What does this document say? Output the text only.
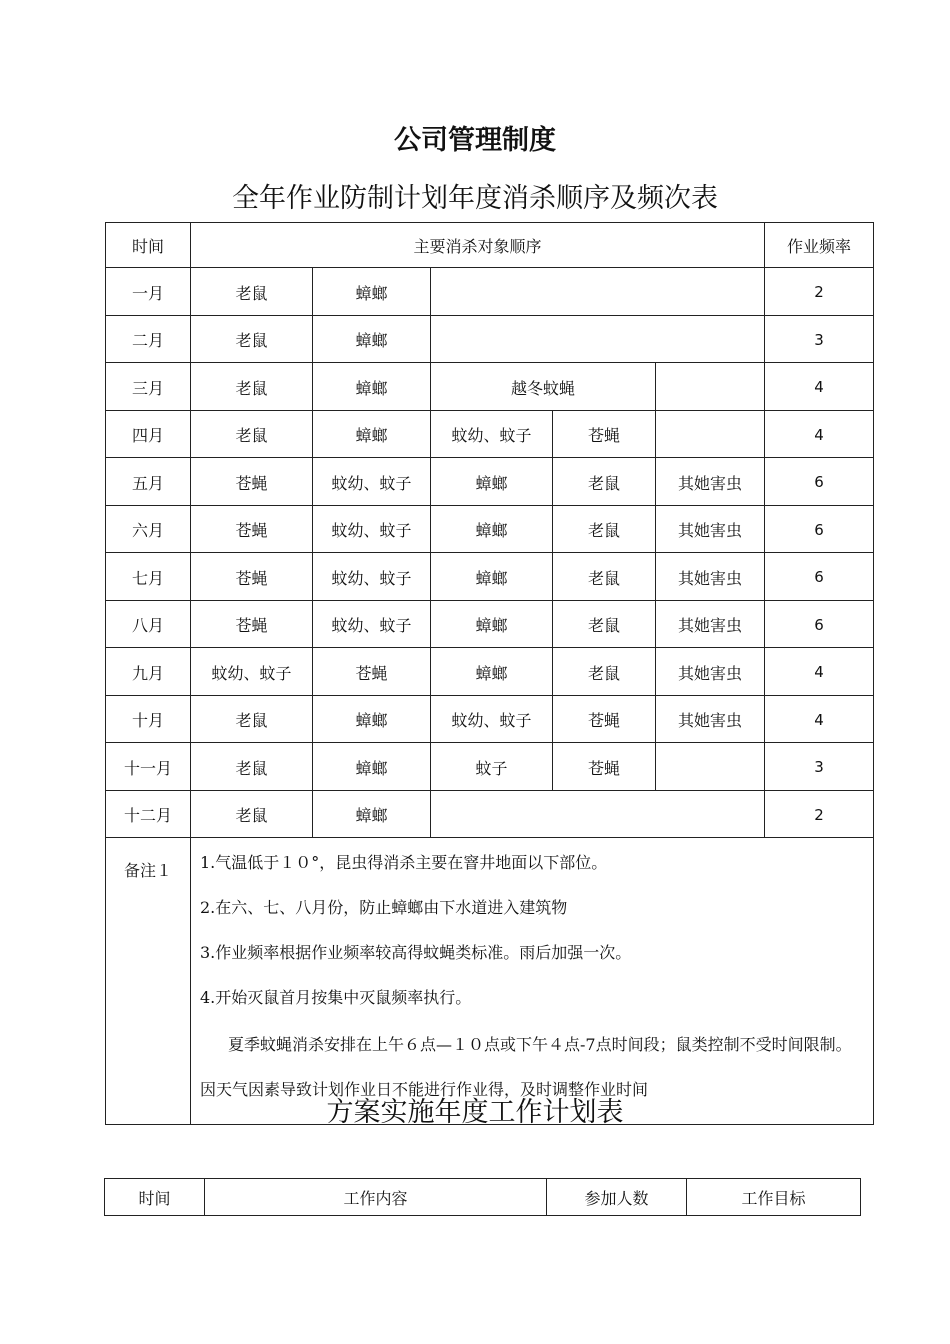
公司管理制度
全年作业防制计划年度消杀顺序及频次表
时间	主要消杀对象顺序					作业频率
一月	老鼠	蟑螂				2
二月	老鼠	蟑螂				3
三月	老鼠	蟑螂	越冬蚊蝇			4
四月	老鼠	蟑螂	蚊幼、蚊子	苍蝇		4
五月	苍蝇	蚊幼、蚊子	蟑螂	老鼠	其她害虫	6
六月	苍蝇	蚊幼、蚊子	蟑螂	老鼠	其她害虫	6
七月	苍蝇	蚊幼、蚊子	蟑螂	老鼠	其她害虫	6
八月	苍蝇	蚊幼、蚊子	蟑螂	老鼠	其她害虫	6
九月	蚊幼、蚊子	苍蝇	蟑螂	老鼠	其她害虫	4
十月	老鼠	蟑螂	蚊幼、蚊子	苍蝇	其她害虫	4
十一月	老鼠	蟑螂	蚊子	苍蝇		3
十二月	老鼠	蟑螂				2
备注１	1.气温低于１０°，昆虫得消杀主要在窨井地面以下部位。
2.在六、七、八月份，防止蟑螂由下水道进入建筑物
3.作业频率根据作业频率较高得蚊蝇类标准。雨后加强一次。
4.开始灭鼠首月按集中灭鼠频率执行。
夏季蚊蝇消杀安排在上午６点—１０点或下午４点-7点时间段；鼠类控制不受时间限制。因天气因素导致计划作业日不能进行作业得，及时调整作业时间					
方案实施年度工作计划表
时间	工作内容	参加人数	工作目标
